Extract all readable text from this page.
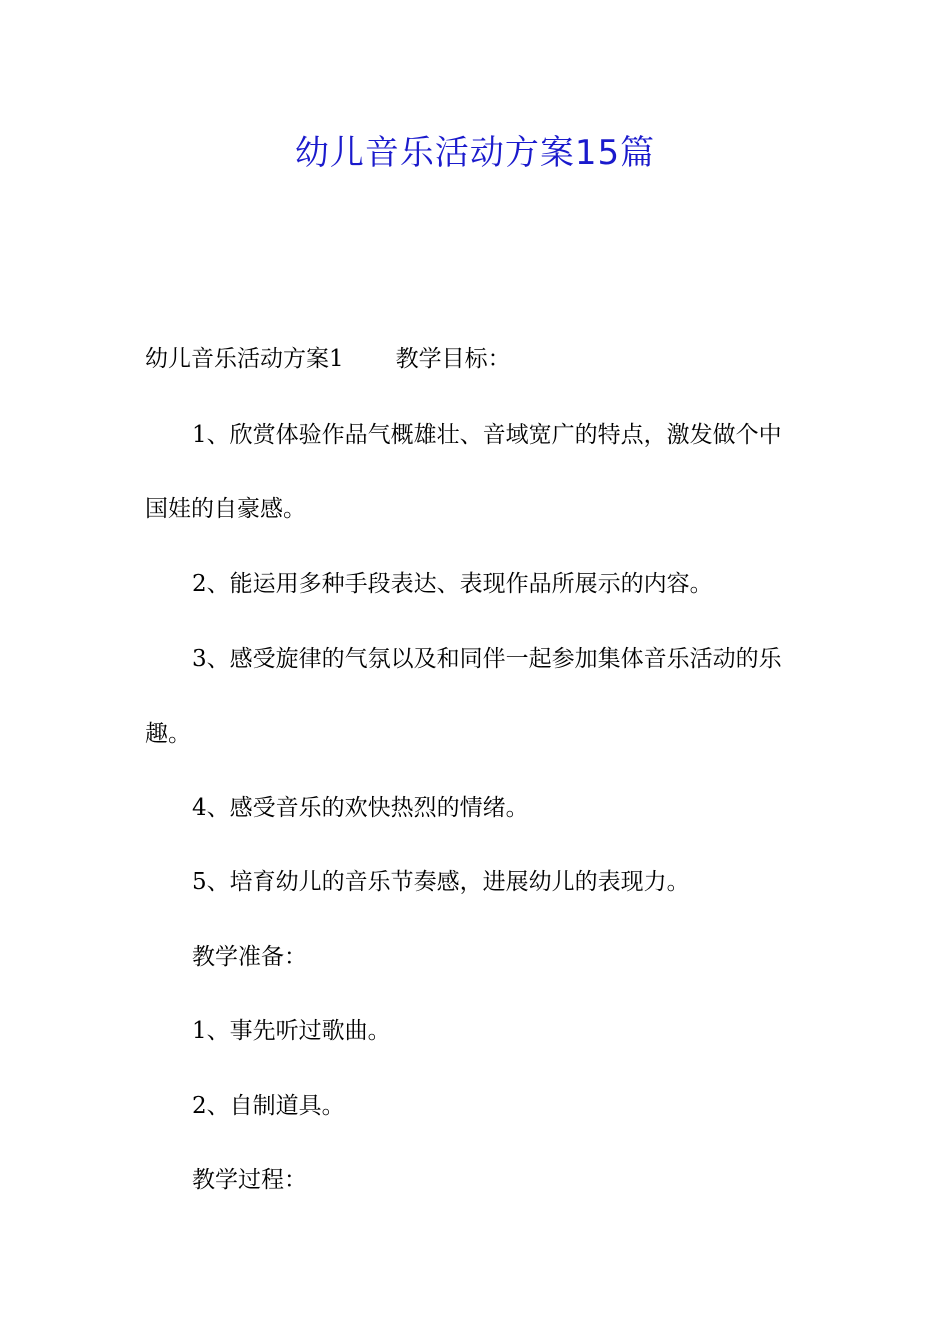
幼儿音乐活动方案15篇
幼儿音乐活动方案1 教学目标：
1、欣赏体验作品气概雄壮、音域宽广的特点，激发做个中
国娃的自豪感。
2、能运用多种手段表达、表现作品所展示的内容。
3、感受旋律的气氛以及和同伴一起参加集体音乐活动的乐
趣。
4、感受音乐的欢快热烈的情绪。
5、培育幼儿的音乐节奏感，进展幼儿的表现力。
教学准备：
1、事先听过歌曲。
2、自制道具。
教学过程：
